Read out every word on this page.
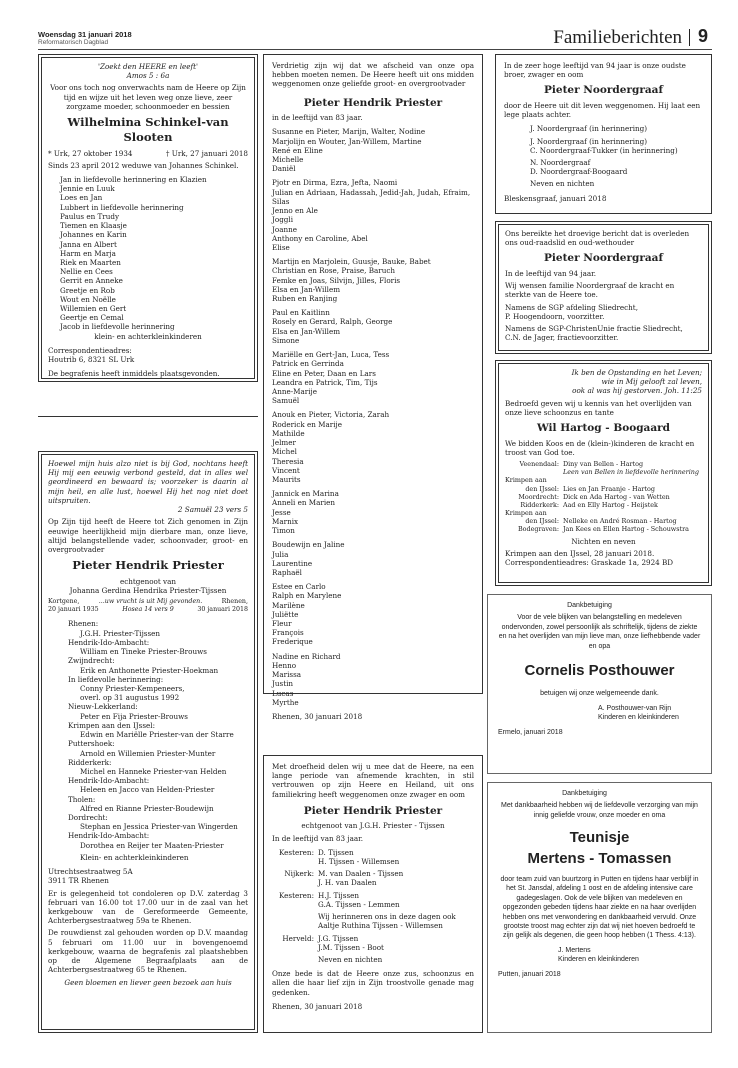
Woensdag 31 januari 2018
Reformatorisch Dagblad	Familieberichten 9

'Zoekt den HEERE en leeft'

Amos 5 : 6a

Voor ons toch nog onverwachts nam de Heere op Zijn tijd en wijze uit het leven weg onze lieve, zeer zorgzame moeder, schoonmoeder en bessien

Wilhelmina Schinkel-van Slooten

* Urk, 27 oktober 1934	† Urk, 27 januari 2018

Sinds 23 april 2012 weduwe van Johannes Schinkel.

Jan in liefdevolle herinnering en Klazien

Jennie en Luuk

Loes en Jan

Lubbert in liefdevolle herinnering

Paulus en Trudy

Tiemen en Klaasje

Johannes en Karin

Janna en Albert

Harm en Marja

Riek en Maarten

Nellie en Cees

Gerrit en Anneke

Greetje en Rob

Wout en Noëlle

Willemien en Gert

Geertje en Cemal

Jacob in liefdevolle herinnering

klein- en achterkleinkinderen

Correspondentieadres:

Houtrib 6, 8321 SL Urk

De begrafenis heeft inmiddels plaatsgevonden.

Hoewel mijn huis alzo niet is bij God, nochtans heeft Hij mij een eeuwig verbond gesteld, dat in alles wel geordineerd en bewaard is; voorzeker is daarin al mijn heil, en alle lust, hoewel Hij het nog niet doet uitspruiten.

2 Samuël 23 vers 5

Op Zijn tijd heeft de Heere tot Zich genomen in Zijn eeuwige heerlijkheid mijn dierbare man, onze lieve, altijd belangstellende vader, schoonvader, groot- en overgrootvader

Pieter Hendrik Priester

echtgenoot van

Johanna Gerdina Hendrika Priester-Tijssen

Kortgene,	...uw vrucht is uit Mij gevonden.	Rhenen,
20 januari 1935	Hosea 14 vers 9	30 januari 2018

Rhenen:

J.G.H. Priester-Tijssen

Hendrik-Ido-Ambacht:

William en Tineke Priester-Brouws

Zwijndrecht:

Erik en Anthonette Priester-Hoekman

In liefdevolle herinnering:

Conny Priester-Kempeneers,

overl. op 31 augustus 1992

Nieuw-Lekkerland:

Peter en Fija Priester-Brouws

Krimpen aan den IJssel:

Edwin en Mariëlle Priester-van der Starre

Puttershoek:

Arnold en Willemien Priester-Munter

Ridderkerk:

Michel en Hanneke Priester-van Helden

Hendrik-Ido-Ambacht:

Heleen en Jacco van Helden-Priester

Tholen:

Alfred en Rianne Priester-Boudewijn

Dordrecht:

Stephan en Jessica Priester-van Wingerden

Hendrik-Ido-Ambacht:

Dorothea en Reijer ter Maaten-Priester

Klein- en achterkleinkinderen

Utrechtsestraatweg 5A

3911 TR Rhenen

Er is gelegenheid tot condoleren op D.V. zaterdag 3 februari van 16.00 tot 17.00 uur in de zaal van het kerkgebouw van de Gereformeerde Gemeente, Achterbergsestraatweg 59a te Rhenen.

De rouwdienst zal gehouden worden op D.V. maandag 5 februari om 11.00 uur in bovengenoemd kerkgebouw, waarna de begrafenis zal plaatshebben op de Algemene Begraafplaats aan de Achterbergsestraatweg 65 te Rhenen.

Geen bloemen en liever geen bezoek aan huis

Verdrietig zijn wij dat we afscheid van onze opa hebben moeten nemen. De Heere heeft uit ons midden weggenomen onze geliefde groot- en overgrootvader

Pieter Hendrik Priester

in de leeftijd van 83 jaar.

Susanne en Pieter, Marijn, Walter, Nodine

Marjolijn en Wouter, Jan-Willem, Martine

René en Eline

Michelle

Daniël

Pjotr en Dirma, Ezra, Jefta, Naomi

Julian en Adriaan, Hadassah, Jedid-Jah, Judah, Efraim, Silas

Jenno en Ale

Joggli

Joanne

Anthony en Caroline, Abel

Elise

Martijn en Marjolein, Guusje, Bauke, Babet

Christian en Rose, Praise, Baruch

Femke en Joas, Silvijn, Jilles, Floris

Elsa en Jan-Willem

Ruben en Ranjing

Paul en Kaitlinn

Rosely en Gerard, Ralph, George

Elsa en Jan-Willem

Simone

Mariëlle en Gert-Jan, Luca, Tess

Patrick en Gerrinda

Eline en Peter, Daan en Lars

Leandra en Patrick, Tim, Tijs

Anne-Marije

Samuël

Anouk en Pieter, Victoria, Zarah

Roderick en Marije

Mathilde

Jelmer

Michel

Theresia

Vincent

Maurits

Jannick en Marina

Anneli en Marien

Jesse

Marnix

Timon

Boudewijn en Jaline

Julia

Laurentine

Raphaël

Estee en Carlo

Ralph en Marylene

Marilène

Juliëtte

Fleur

François

Frederique

Nadine en Richard

Henno

Marissa

Justin

Lucas

Myrthe

Rhenen, 30 januari 2018

Met droefheid delen wij u mee dat de Heere, na een lange periode van afnemende krachten, in stil vertrouwen op zijn Heere en Heiland, uit ons familiekring heeft weggenomen onze zwager en oom

Pieter Hendrik Priester

echtgenoot van J.G.H. Priester - Tijssen

In de leeftijd van 83 jaar.

Kesteren: D. Tijssen
H. Tijssen - Willemsen
Nijkerk: M. van Daalen - Tijssen
J. H. van Daalen
Kesteren: H.J. Tijssen
G.A. Tijssen - Lemmen
Wij herinneren ons in deze dagen ook
Aaltje Ruthina Tijssen - Willemsen
Herveld: J.G. Tijssen
J.M. Tijssen - Boot
Neven en nichten

Onze bede is dat de Heere onze zus, schoonzus en allen die haar lief zijn in Zijn troostvolle genade mag gedenken.

Rhenen, 30 januari 2018

In de zeer hoge leeftijd van 94 jaar is onze oudste broer, zwager en oom

Pieter Noordergraaf

door de Heere uit dit leven weggenomen. Hij laat een lege plaats achter.

J. Noordergraaf (in herinnering)

J. Noordergraaf (in herinnering)

C. Noordergraaf-Tukker (in herinnering)

N. Noordergraaf

D. Noordergraaf-Boogaard

Neven en nichten

Bleskensgraaf, januari 2018

Ons bereikte het droevige bericht dat is overleden ons oud-raadslid en oud-wethouder

Pieter Noordergraaf

In de leeftijd van 94 jaar.

Wij wensen familie Noordergraaf de kracht en sterkte van de Heere toe.

Namens de SGP afdeling Sliedrecht,

P. Hoogendoorn, voorzitter.

Namens de SGP-ChristenUnie fractie Sliedrecht,

C.N. de Jager, fractievoorzitter.

Ik ben de Opstanding en het Leven;

wie in Mij gelooft zal leven,

ook al was hij gestorven. Joh. 11:25

Bedroefd geven wij u kennis van het overlijden van onze lieve schoonzus en tante

Wil Hartog - Boogaard

We bidden Koos en de (klein-)kinderen de kracht en troost van God toe.

Veenendaal: Diny van Bellen - Hartog
Leen van Bellen in liefdevolle herinnering
Krimpen aan
den IJssel: Lies en Jan Fraanje - Hartog
Moordrecht: Dick en Ada Hartog - van Wetten
Ridderkerk: Aad en Elly Hartog - Heijstek
Krimpen aan
den IJssel: Nelleke en André Rosman - Hartog
Bodegraven: Jan Kees en Ellen Hartog - Schouwstra

Nichten en neven

Krimpen aan den IJssel, 28 januari 2018.

Correspondentieadres: Graskade 1a, 2924 BD

Dankbetuiging

Voor de vele blijken van belangstelling en medeleven ondervonden, zowel persoonlijk als schriftelijk, tijdens de ziekte en na het overlijden van mijn lieve man, onze liefhebbende vader en opa

Cornelis Posthouwer

betuigen wij onze welgemeende dank.

A. Posthouwer-van Rijn

Kinderen en kleinkinderen

Ermelo, januari 2018

Dankbetuiging

Met dankbaarheid hebben wij de liefdevolle verzorging van mijn innig geliefde vrouw, onze moeder en oma

Teunisje

Mertens - Tomassen

door team zuid van buurtzorg in Putten en tijdens haar verblijf in het St. Jansdal, afdeling 1 oost en de afdeling intensive care gadegeslagen. Ook de vele blijken van medeleven en opgezonden gebeden tijdens haar ziekte en na haar overlijden hebben ons met verwondering en dankbaarheid vervuld. Onze grootste troost mag echter zijn dat wij niet hoeven bedroefd te zijn gelijk als degenen, die geen hoop hebben (1 Thess. 4:13).

J. Mertens

Kinderen en kleinkinderen

Putten, januari 2018
